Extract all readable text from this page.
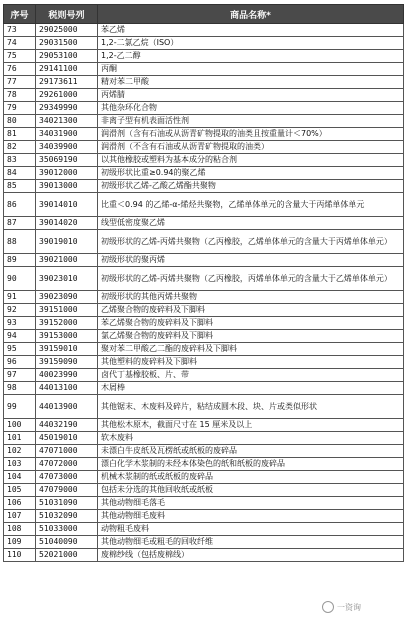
序号	税则号列	商品名称*
73	29025000	苯乙烯
74	29031500	1,2-二氯乙烷（ISO）
75	29053100	1,2-乙二醇
76	29141100	丙酮
77	29173611	精对苯二甲酸
78	29261000	丙烯腈
79	29349990	其他杂环化合物
80	34021300	非离子型有机表面活性剂
81	34031900	润滑剂（含有石油或从沥青矿物提取的油类且按重量计＜70%）
82	34039900	润滑剂（不含有石油或从沥青矿物提取的油类）
83	35069190	以其他橡胶或塑料为基本成分的粘合剂
84	39012000	初级形状比重≥0.94的聚乙烯
85	39013000	初级形状乙烯-乙酸乙烯酯共聚物
86	39014010	比重＜0.94 的乙烯-α-烯烃共聚物，乙烯单体单元的含量大于丙烯单体单元
87	39014020	线型低密度聚乙烯
88	39019010	初级形状的乙烯-丙烯共聚物（乙丙橡胶，乙烯单体单元的含量大于丙烯单体单元）
89	39021000	初级形状的聚丙烯
90	39023010	初级形状的乙烯-丙烯共聚物（乙丙橡胶，丙烯单体单元的含量大于乙烯单体单元）
91	39023090	初级形状的其他丙烯共聚物
92	39151000	乙烯聚合物的废碎料及下脚料
93	39152000	苯乙烯聚合物的废碎料及下脚料
94	39153000	氯乙烯聚合物的废碎料及下脚料
95	39159010	聚对苯二甲酸乙二酯的废碎料及下脚料
96	39159090	其他塑料的废碎料及下脚料
97	40023990	卤代丁基橡胶板、片、带
98	44013100	木屑棒
99	44013900	其他锯末、木废料及碎片，粘结成圆木段、块、片或类似形状
100	44032190	其他松木原木，截面尺寸在 15 厘米及以上
101	45019010	软木废料
102	47071000	未漂白牛皮纸及瓦楞纸或纸板的废碎品
103	47072000	漂白化学木浆制的未经本体染色的纸和纸板的废碎品
104	47073000	机械木浆制的纸或纸板的废碎品
105	47079000	包括未分选的其他回收纸或纸板
106	51031090	其他动物细毛落毛
107	51032090	其他动物细毛废料
108	51033000	动物粗毛废料
109	51040090	其他动物细毛或粗毛的回收纤维
110	52021000	废棉纱线（包括废棉线）
一资询
